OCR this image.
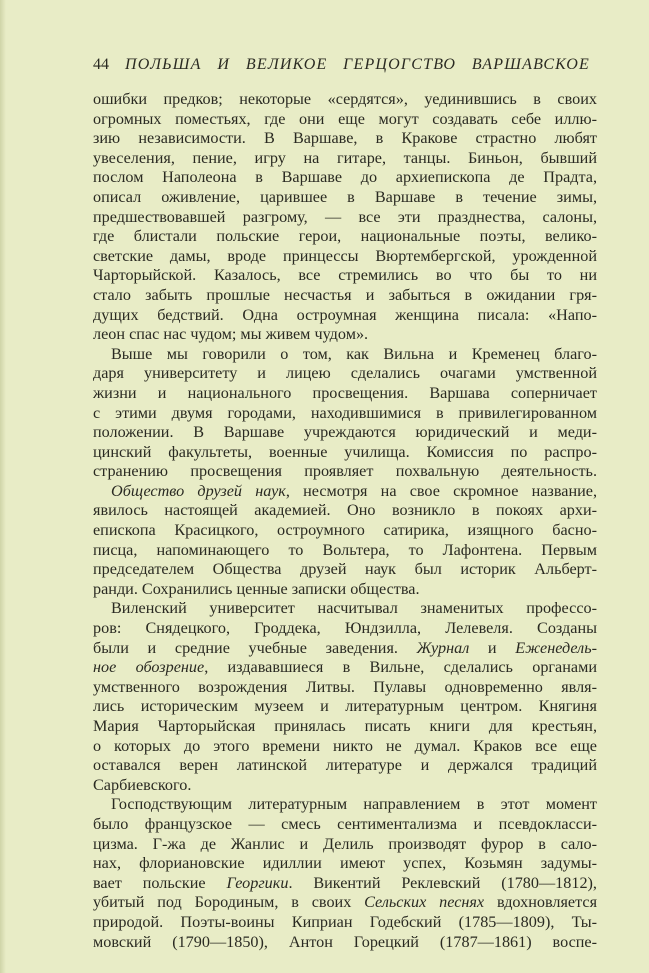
44 ПОЛЬША И ВЕЛИКОЕ ГЕРЦОГСТВО ВАРШАВСКОЕ
ошибки предков; некоторые «сердятся», уединившись в своих
огромных поместьях, где они еще могут создавать себе иллю-
зию независимости. В Варшаве, в Кракове страстно любят
увеселения, пение, игру на гитаре, танцы. Биньон, бывший
послом Наполеона в Варшаве до архиепископа де Прадта,
описал оживление, царившее в Варшаве в течение зимы,
предшествовавшей разгрому, — все эти празднества, салоны,
где блистали польские герои, национальные поэты, велико-
светские дамы, вроде принцессы Вюртембергской, урожденной
Чарторыйской. Казалось, все стремились во что бы то ни
стало забыть прошлые несчастья и забыться в ожидании гря-
дущих бедствий. Одна остроумная женщина писала: «Напо-
леон спас нас чудом; мы живем чудом».
Выше мы говорили о том, как Вильна и Кременец благо-
даря университету и лицею сделались очагами умственной
жизни и национального просвещения. Варшава соперничает
с этими двумя городами, находившимися в привилегированном
положении. В Варшаве учреждаются юридический и меди-
цинский факультеты, военные училища. Комиссия по распро-
странению просвещения проявляет похвальную деятельность.
Общество друзей наук, несмотря на свое скромное название,
явилось настоящей академией. Оно возникло в покоях архи-
епископа Красицкого, остроумного сатирика, изящного басно-
писца, напоминающего то Вольтера, то Лафонтена. Первым
председателем Общества друзей наук был историк Альберт-
ранди. Сохранились ценные записки общества.
Виленский университет насчитывал знаменитых профессо-
ров: Снядецкого, Гроддека, Юндзилла, Лелевеля. Созданы
были и средние учебные заведения. Журнал и Еженедель-
ное обозрение, издававшиеся в Вильне, сделались органами
умственного возрождения Литвы. Пулавы одновременно явля-
лись историческим музеем и литературным центром. Княгиня
Мария Чарторыйская принялась писать книги для крестьян,
о которых до этого времени никто не думал. Краков все еще
оставался верен латинской литературе и держался традиций
Сарбиевского.
Господствующим литературным направлением в этот момент
было французское — смесь сентиментализма и псевдокласси-
цизма. Г-жа де Жанлис и Делиль производят фурор в сало-
нах, флориановские идиллии имеют успех, Козьмян задумы-
вает польские Георгики. Викентий Реклевский (1780—1812),
убитый под Бородиным, в своих Сельских песнях вдохновляется
природой. Поэты-воины Киприан Годебский (1785—1809), Ты-
мовский (1790—1850), Антон Горецкий (1787—1861) воспе-
